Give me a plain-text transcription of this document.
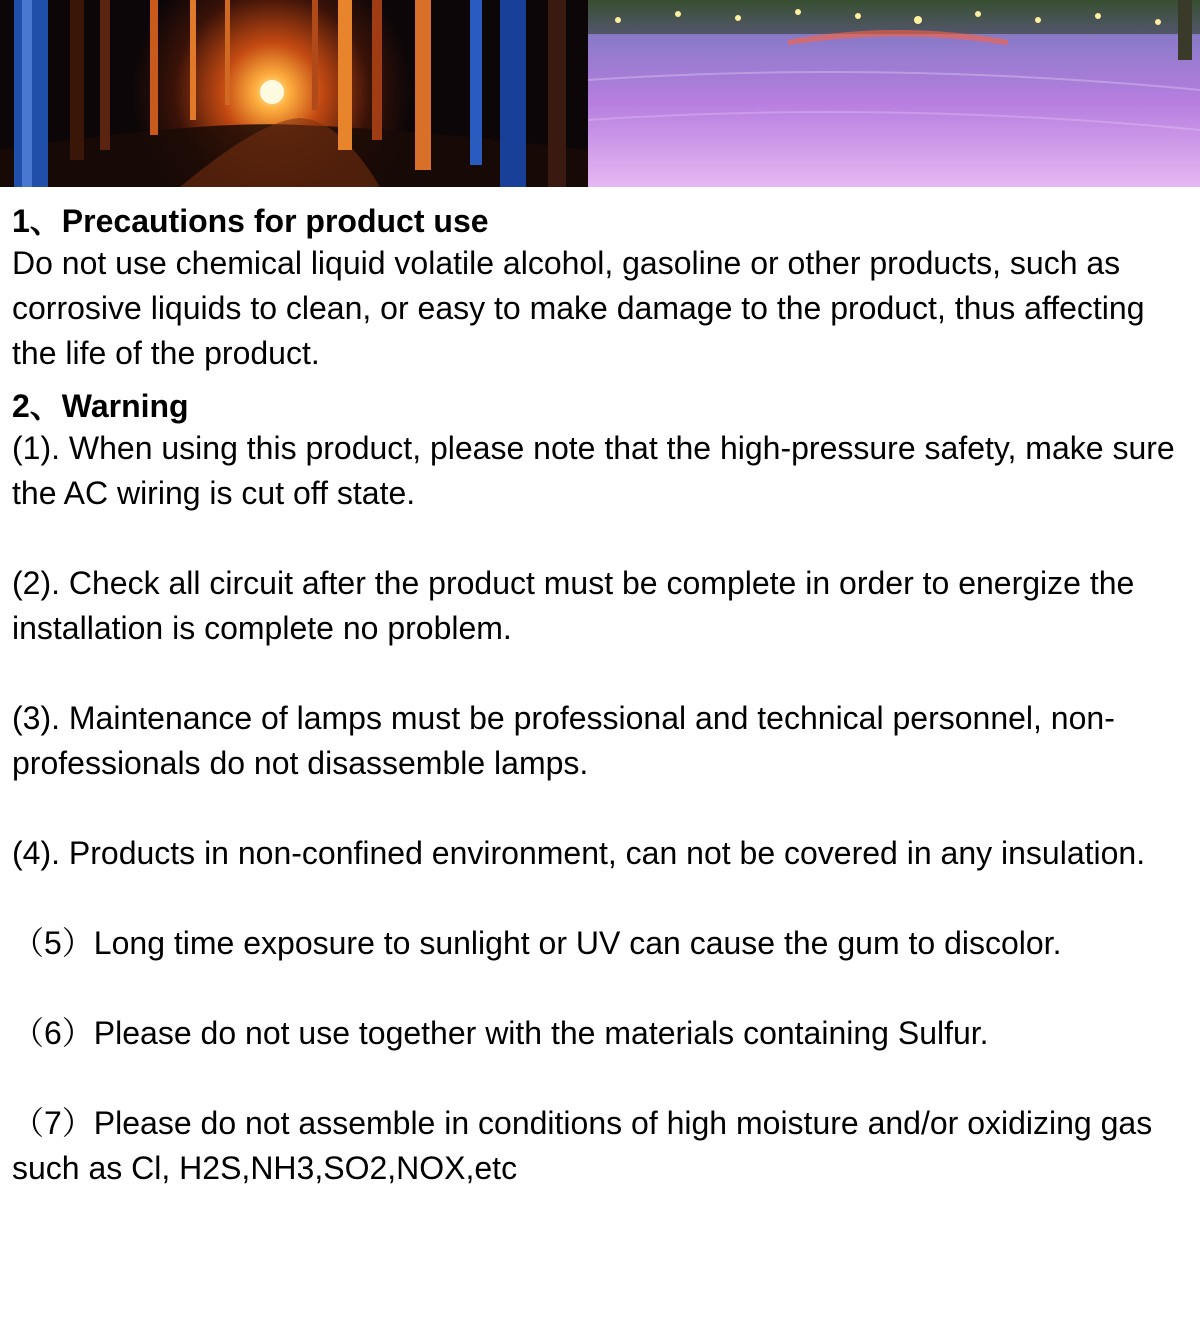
1、Precautions for product use

Do not use chemical liquid volatile alcohol, gasoline or other products, such as corrosive liquids to clean, or easy to make damage to the product, thus affecting the life of the product.

2、Warning

(1). When using this product, please note that the high-pressure safety, make sure the AC wiring is cut off state.

(2). Check all circuit after the product must be complete in order to energize the installation is complete no problem.

(3). Maintenance of lamps must be professional and technical personnel, non-professionals do not disassemble lamps.

(4). Products in non-confined environment, can not be covered in any insulation.

（5）Long time exposure to sunlight or UV can cause the gum to discolor.

（6）Please do not use together with the materials containing Sulfur.

（7）Please do not assemble in conditions of high moisture and/or oxidizing gas such as Cl, H2S,NH3,SO2,NOX,etc
